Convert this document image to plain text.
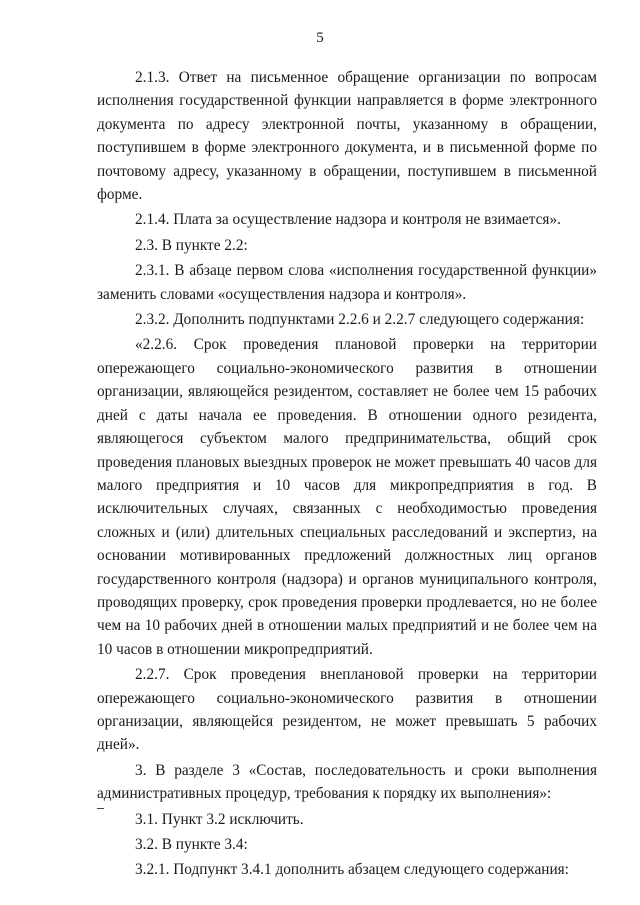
5

2.1.3. Ответ на письменное обращение организации по вопросам исполнения государственной функции направляется в форме электронного документа по адресу электронной почты, указанному в обращении, поступившем в форме электронного документа, и в письменной форме по почтовому адресу, указанному в обращении, поступившем в письменной форме.

2.1.4. Плата за осуществление надзора и контроля не взимается».

2.3. В пункте 2.2:

2.3.1. В абзаце первом слова «исполнения государственной функции» заменить словами «осуществления надзора и контроля».

2.3.2. Дополнить подпунктами 2.2.6 и 2.2.7 следующего содержания:

«2.2.6. Срок проведения плановой проверки на территории опережающего социально-экономического развития в отношении организации, являющейся резидентом, составляет не более чем 15 рабочих дней с даты начала ее проведения. В отношении одного резидента, являющегося субъектом малого предпринимательства, общий срок проведения плановых выездных проверок не может превышать 40 часов для малого предприятия и 10 часов для микропредприятия в год. В исключительных случаях, связанных с необходимостью проведения сложных и (или) длительных специальных расследований и экспертиз, на основании мотивированных предложений должностных лиц органов государственного контроля (надзора) и органов муниципального контроля, проводящих проверку, срок проведения проверки продлевается, но не более чем на 10 рабочих дней в отношении малых предприятий и не более чем на 10 часов в отношении микропредприятий.

2.2.7. Срок проведения внеплановой проверки на территории опережающего социально-экономического развития в отношении организации, являющейся резидентом, не может превышать 5 рабочих дней».

3. В разделе 3 «Состав, последовательность и сроки выполнения административных процедур, требования к порядку их выполнения»:

3.1. Пункт 3.2 исключить.

3.2. В пункте 3.4:

3.2.1. Подпункт 3.4.1 дополнить абзацем следующего содержания:
